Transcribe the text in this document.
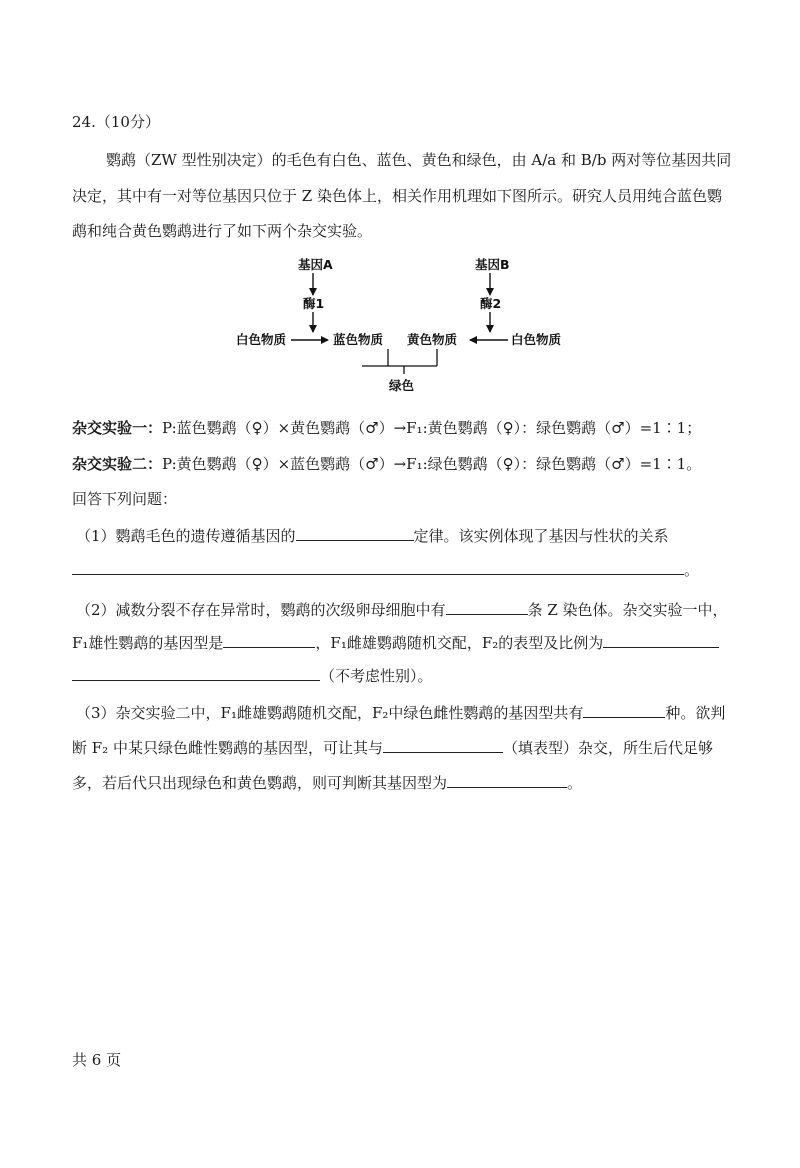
24.（10分）
鹦鹉（ZW 型性别决定）的毛色有白色、蓝色、黄色和绿色，由 A/a 和 B/b 两对等位基因共同
决定，其中有一对等位基因只位于 Z 染色体上，相关作用机理如下图所示。研究人员用纯合蓝色鹦
鹉和纯合黄色鹦鹉进行了如下两个杂交实验。
基因A
酶1
白色物质	蓝色物质
基因B
酶2
黄色物质	白色物质
绿色
杂交实验一：P:蓝色鹦鹉（♀）×黄色鹦鹉（♂）→F₁:黄色鹦鹉（♀）：绿色鹦鹉（♂）=1∶1；
杂交实验二：P:黄色鹦鹉（♀）×蓝色鹦鹉（♂）→F₁:绿色鹦鹉（♀）：绿色鹦鹉（♂）=1∶1。
回答下列问题：
（1）鹦鹉毛色的遗传遵循基因的	定律。该实例体现了基因与性状的关系
。
（2）减数分裂不存在异常时，鹦鹉的次级卵母细胞中有	条 Z 染色体。杂交实验一中，
F₁雄性鹦鹉的基因型是	，F₁雌雄鹦鹉随机交配，F₂的表型及比例为
（不考虑性别）。
（3）杂交实验二中，F₁雌雄鹦鹉随机交配，F₂中绿色雌性鹦鹉的基因型共有	种。欲判
断 F₂ 中某只绿色雌性鹦鹉的基因型，可让其与	（填表型）杂交，所生后代足够
多，若后代只出现绿色和黄色鹦鹉，则可判断其基因型为	。
共 6 页
